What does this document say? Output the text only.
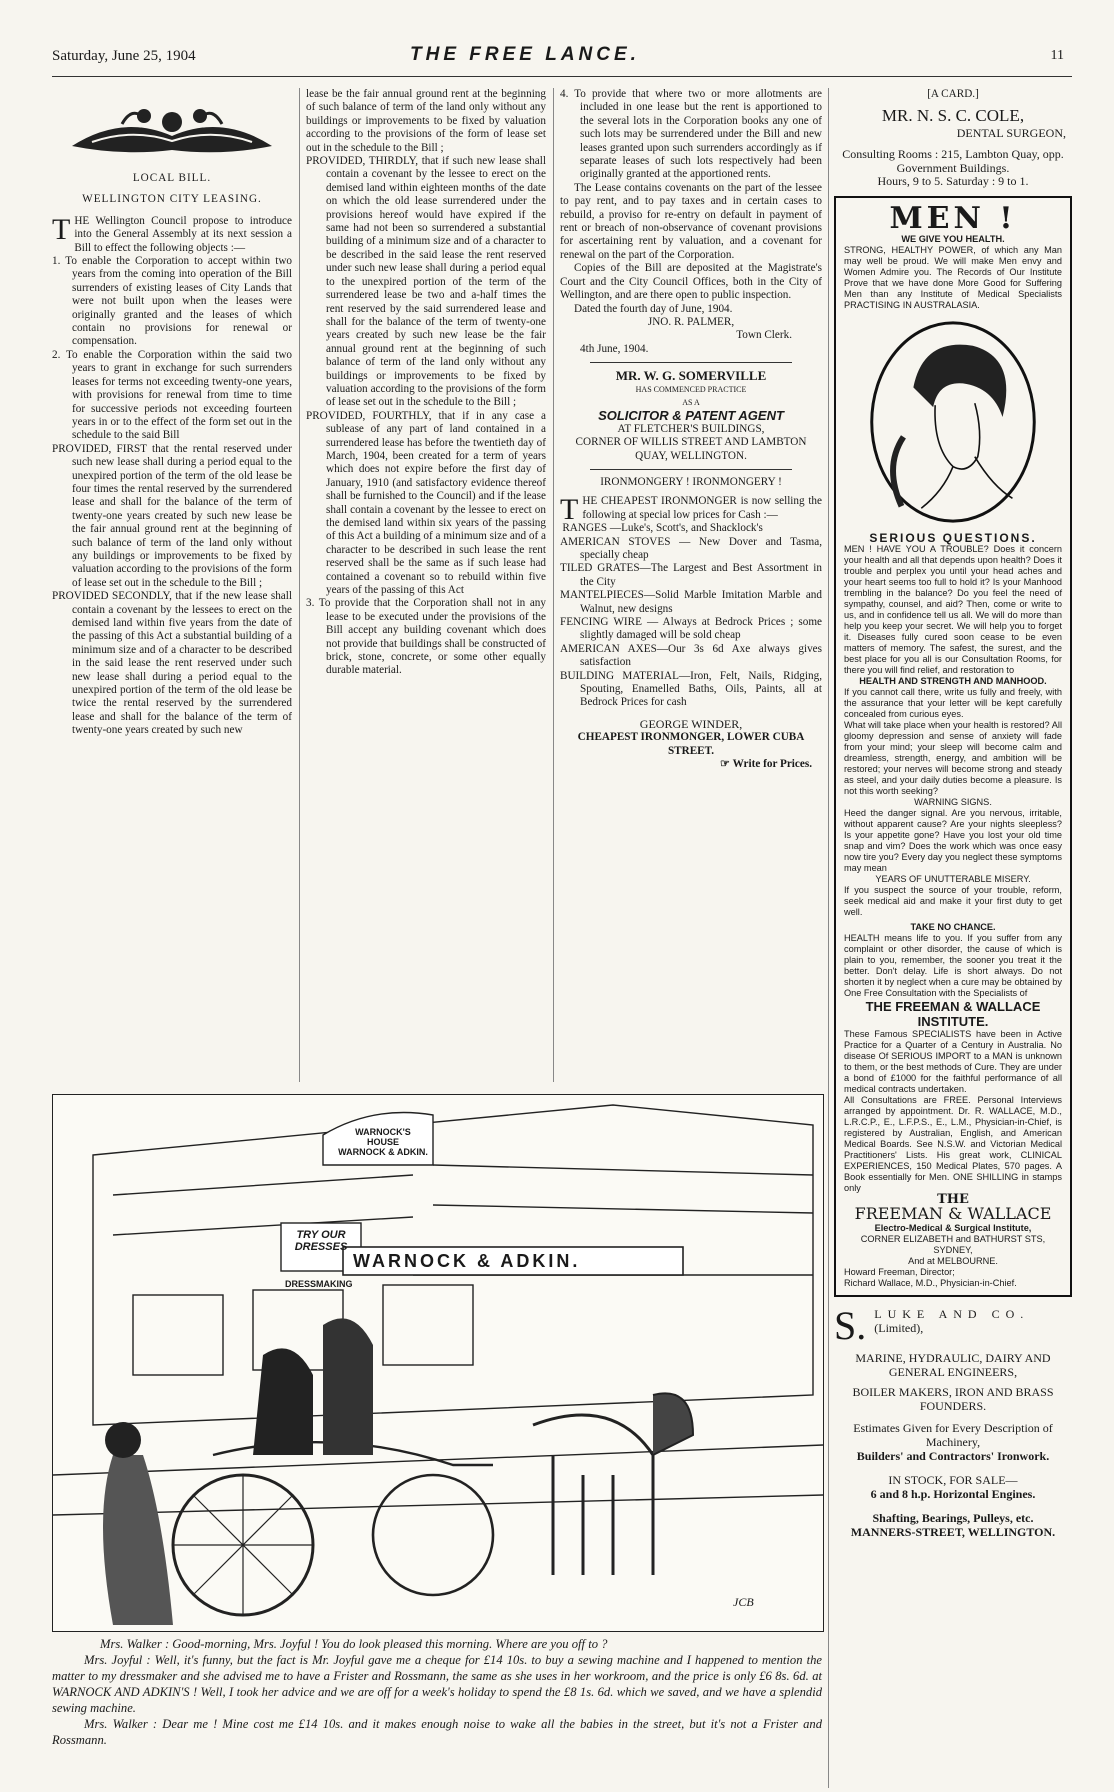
Saturday, June 25, 1904	THE FREE LANCE.	11

LOCAL BILL.

WELLINGTON CITY LEASING.

THE Wellington Council propose to introduce into the General Assembly at its next session a Bill to effect the following objects :—

1. To enable the Corporation to accept within two years from the coming into operation of the Bill surrenders of existing leases of City Lands that were not built upon when the leases were originally granted and the leases of which contain no provisions for renewal or compensation.

2. To enable the Corporation within the said two years to grant in exchange for such surrenders leases for terms not exceeding twenty-one years, with provisions for renewal from time to time for successive periods not exceeding fourteen years in or to the effect of the form set out in the schedule to the said Bill

PROVIDED, FIRST that the rental reserved under such new lease shall during a period equal to the unexpired portion of the term of the old lease be four times the rental reserved by the surrendered lease and shall for the balance of the term of twenty-one years created by such new lease be the fair annual ground rent at the beginning of such balance of term of the land only without any buildings or improvements to be fixed by valuation according to the provisions of the form of lease set out in the schedule to the Bill ;

PROVIDED SECONDLY, that if the new lease shall contain a covenant by the lessees to erect on the demised land within five years from the date of the passing of this Act a substantial building of a minimum size and of a character to be described in the said lease the rent reserved under such new lease shall during a period equal to the unexpired portion of the term of the old lease be twice the rental reserved by the surrendered lease and shall for the balance of the term of twenty-one years created by such new

lease be the fair annual ground rent at the beginning of such balance of term of the land only without any buildings or improvements to be fixed by valuation according to the provisions of the form of lease set out in the schedule to the Bill ;

PROVIDED, THIRDLY, that if such new lease shall contain a covenant by the lessee to erect on the demised land within eighteen months of the date on which the old lease surrendered under the provisions hereof would have expired if the same had not been so surrendered a substantial building of a minimum size and of a character to be described in the said lease the rent reserved under such new lease shall during a period equal to the unexpired portion of the term of the surrendered lease be two and a-half times the rent reserved by the said surrendered lease and shall for the balance of the term of twenty-one years created by such new lease be the fair annual ground rent at the beginning of such balance of term of the land only without any buildings or improvements to be fixed by valuation according to the provisions of the form of lease set out in the schedule to the Bill ;

PROVIDED, FOURTHLY, that if in any case a sublease of any part of land contained in a surrendered lease has before the twentieth day of March, 1904, been created for a term of years which does not expire before the first day of January, 1910 (and satisfactory evidence thereof shall be furnished to the Council) and if the lease shall contain a covenant by the lessee to erect on the demised land within six years of the passing of this Act a building of a minimum size and of a character to be described in such lease the rent reserved shall be the same as if such lease had contained a covenant so to rebuild within five years of the passing of this Act

3. To provide that the Corporation shall not in any lease to be executed under the provisions of the Bill accept any building covenant which does not provide that buildings shall be constructed of brick, stone, concrete, or some other equally durable material.

4. To provide that where two or more allotments are included in one lease but the rent is apportioned to the several lots in the Corporation books any one of such lots may be surrendered under the Bill and new leases granted upon such surrenders accordingly as if separate leases of such lots respectively had been originally granted at the apportioned rents.

The Lease contains covenants on the part of the lessee to pay rent, and to pay taxes and in certain cases to rebuild, a proviso for re-entry on default in payment of rent or breach of non-observance of covenant provisions for ascertaining rent by valuation, and a covenant for renewal on the part of the Corporation.

Copies of the Bill are deposited at the Magistrate's Court and the City Council Offices, both in the City of Wellington, and are there open to public inspection.

Dated the fourth day of June, 1904.

JNO. R. PALMER,

Town Clerk.

4th June, 1904.

MR. W. G. SOMERVILLE

HAS COMMENCED PRACTICE

AS A

SOLICITOR & PATENT AGENT

AT FLETCHER'S BUILDINGS,

CORNER OF WILLIS STREET AND LAMBTON QUAY, WELLINGTON.

IRONMONGERY ! IRONMONGERY !

THE CHEAPEST IRONMONGER is now selling the following at special low prices for Cash :—

RANGES —Luke's, Scott's, and Shacklock's

AMERICAN STOVES — New Dover and Tasma, specially cheap

TILED GRATES—The Largest and Best Assortment in the City

MANTELPIECES—Solid Marble Imitation Marble and Walnut, new designs

FENCING WIRE — Always at Bedrock Prices ; some slightly damaged will be sold cheap

AMERICAN AXES—Our 3s 6d Axe always gives satisfaction

BUILDING MATERIAL—Iron, Felt, Nails, Ridging, Spouting, Enamelled Baths, Oils, Paints, all at Bedrock Prices for cash

GEORGE WINDER,

CHEAPEST IRONMONGER, LOWER CUBA STREET.

☞ Write for Prices.

[A CARD.]

MR. N. S. C. COLE,

DENTAL SURGEON,

Consulting Rooms : 215, Lambton Quay, opp. Government Buildings.

Hours, 9 to 5. Saturday : 9 to 1.

MEN !

WE GIVE YOU HEALTH.

STRONG, HEALTHY POWER, of which any Man may well be proud. We will make Men envy and Women Admire you. The Records of Our Institute Prove that we have done More Good for Suffering Men than any Institute of Medical Specialists PRACTISING IN AUSTRALASIA.

SERIOUS QUESTIONS.

MEN ! HAVE YOU A TROUBLE? Does it concern your health and all that depends upon health? Does it trouble and perplex you until your head aches and your heart seems too full to hold it? Is your Manhood trembling in the balance? Do you feel the need of sympathy, counsel, and aid? Then, come or write to us, and in confidence tell us all. We will do more than help you keep your secret. We will help you to forget it. Diseases fully cured soon cease to be even matters of memory. The safest, the surest, and the best place for you all is our Consultation Rooms, for there you will find relief, and restoration to

HEALTH AND STRENGTH AND MANHOOD.

If you cannot call there, write us fully and freely, with the assurance that your letter will be kept carefully concealed from curious eyes.

What will take place when your health is restored? All gloomy depression and sense of anxiety will fade from your mind; your sleep will become calm and dreamless, strength, energy, and ambition will be restored; your nerves will become strong and steady as steel, and your daily duties become a pleasure. Is not this worth seeking?

WARNING SIGNS.

Heed the danger signal. Are you nervous, irritable, without apparent cause? Are your nights sleepless? Is your appetite gone? Have you lost your old time snap and vim? Does the work which was once easy now tire you? Every day you neglect these symptoms may mean

YEARS OF UNUTTERABLE MISERY.

If you suspect the source of your trouble, reform, seek medical aid and make it your first duty to get well.

TAKE NO CHANCE.

HEALTH means life to you. If you suffer from any complaint or other disorder, the cause of which is plain to you, remember, the sooner you treat it the better. Don't delay. Life is short always. Do not shorten it by neglect when a cure may be obtained by One Free Consultation with the Specialists of

THE FREEMAN & WALLACE INSTITUTE.

These Famous SPECIALISTS have been in Active Practice for a Quarter of a Century in Australia. No disease Of SERIOUS IMPORT to a MAN is unknown to them, or the best methods of Cure. They are under a bond of £1000 for the faithful performance of all medical contracts undertaken.

All Consultations are FREE. Personal Interviews arranged by appointment. Dr. R. WALLACE, M.D., L.R.C.P., E., L.F.P.S., E., L.M., Physician-in-Chief, is registered by Australian, English, and American Medical Boards. See N.S.W. and Victorian Medical Practitioners' Lists. His great work, CLINICAL EXPERIENCES, 150 Medical Plates, 570 pages. A Book essentially for Men. ONE SHILLING in stamps only

THE

FREEMAN & WALLACE

Electro-Medical & Surgical Institute,

CORNER ELIZABETH and BATHURST STS, SYDNEY,

And at MELBOURNE.

Howard Freeman, Director;

Richard Wallace, M.D., Physician-in-Chief.

S. LUKE AND CO.

(Limited),

MARINE, HYDRAULIC, DAIRY AND GENERAL ENGINEERS,

BOILER MAKERS, IRON AND BRASS FOUNDERS.

Estimates Given for Every Description of Machinery,

Builders' and Contractors' Ironwork.

IN STOCK, FOR SALE—

6 and 8 h.p. Horizontal Engines.

Shafting, Bearings, Pulleys, etc.

MANNERS-STREET, WELLINGTON.

WARNOCK'S HOUSE
WARNOCK & ADKIN.
TRY OUR DRESSES
DRESSMAKING
WARNOCK & ADKIN.
JCB

Mrs. Walker : Good-morning, Mrs. Joyful ! You do look pleased this morning. Where are you off to ?

Mrs. Joyful : Well, it's funny, but the fact is Mr. Joyful gave me a cheque for £14 10s. to buy a sewing machine and I happened to mention the matter to my dressmaker and she advised me to have a Frister and Rossmann, the same as she uses in her workroom, and the price is only £6 8s. 6d. at WARNOCK AND ADKIN'S ! Well, I took her advice and we are off for a week's holiday to spend the £8 1s. 6d. which we saved, and we have a splendid sewing machine.

Mrs. Walker : Dear me ! Mine cost me £14 10s. and it makes enough noise to wake all the babies in the street, but it's not a Frister and Rossmann.
